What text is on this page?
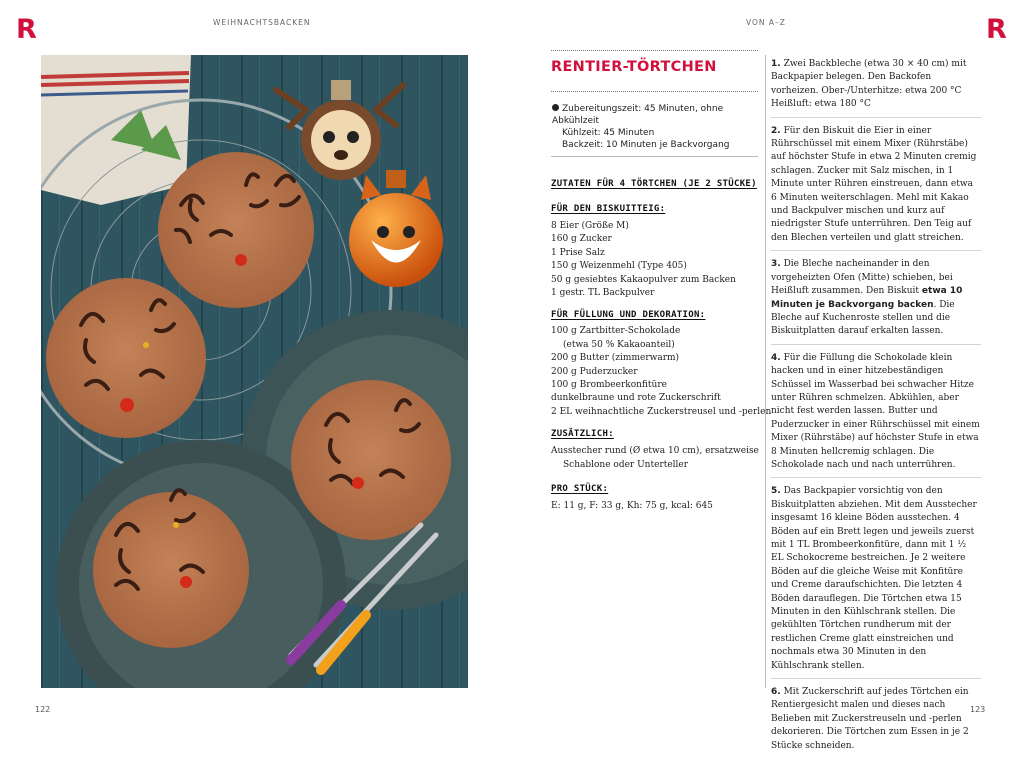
R	R
WEIHNACHTSBACKEN	VON A–Z
RENTIER-TÖRTCHEN
Zubereitungszeit: 45 Minuten, ohne Abkühlzeit
Kühlzeit: 45 Minuten
Backzeit: 10 Minuten je Backvorgang
ZUTATEN FÜR 4 TÖRTCHEN (JE 2 STÜCKE)
FÜR DEN BISKUITTEIG:
8 Eier (Größe M)
160 g Zucker
1 Prise Salz
150 g Weizenmehl (Type 405)
50 g gesiebtes Kakaopulver zum Backen
1 gestr. TL Backpulver
FÜR FÜLLUNG UND DEKORATION:
100 g Zartbitter-Schokolade
(etwa 50 % Kakaoanteil)
200 g Butter (zimmerwarm)
200 g Puderzucker
100 g Brombeerkonfitüre
dunkelbraune und rote Zuckerschrift
2 EL weihnachtliche Zuckerstreusel und -perlen
ZUSÄTZLICH:
Ausstecher rund (Ø etwa 10 cm), ersatzweise
Schablone oder Unterteller
PRO STÜCK:
E: 11 g, F: 33 g, Kh: 75 g, kcal: 645
1. Zwei Backbleche (etwa 30 × 40 cm) mit Backpapier belegen. Den Backofen vorheizen. Ober-/Unterhitze: etwa 200 °C Heißluft: etwa 180 °C
2. Für den Biskuit die Eier in einer Rührschüssel mit einem Mixer (Rührstäbe) auf höchster Stufe in etwa 2 Minuten cremig schlagen. Zucker mit Salz mischen, in 1 Minute unter Rühren einstreuen, dann etwa 6 Minuten weiterschlagen. Mehl mit Kakao und Backpulver mischen und kurz auf niedrigster Stufe unterrühren. Den Teig auf den Blechen verteilen und glatt streichen.
3. Die Bleche nacheinander in den vorgeheizten Ofen (Mitte) schieben, bei Heißluft zusammen. Den Biskuit etwa 10 Minuten je Backvorgang backen. Die Bleche auf Kuchenroste stellen und die Biskuitplatten darauf erkalten lassen.
4. Für die Füllung die Schokolade klein hacken und in einer hitzebeständigen Schüssel im Wasserbad bei schwacher Hitze unter Rühren schmelzen. Abkühlen, aber nicht fest werden lassen. Butter und Puderzucker in einer Rührschüssel mit einem Mixer (Rührstäbe) auf höchster Stufe in etwa 8 Minuten hellcremig schlagen. Die Schokolade nach und nach unterrühren.
5. Das Backpapier vorsichtig von den Biskuitplatten abziehen. Mit dem Ausstecher insgesamt 16 kleine Böden ausstechen. 4 Böden auf ein Brett legen und jeweils zuerst mit 1 TL Brombeerkonfitüre, dann mit 1 ½ EL Schokocreme bestreichen. Je 2 weitere Böden auf die gleiche Weise mit Konfitüre und Creme daraufschichten. Die letzten 4 Böden darauflegen. Die Törtchen etwa 15 Minuten in den Kühlschrank stellen. Die gekühlten Törtchen rundherum mit der restlichen Creme glatt einstreichen und nochmals etwa 30 Minuten in den Kühlschrank stellen.
6. Mit Zuckerschrift auf jedes Törtchen ein Rentiergesicht malen und dieses nach Belieben mit Zuckerstreuseln und -perlen dekorieren. Die Törtchen zum Essen in je 2 Stücke schneiden.
122	123
